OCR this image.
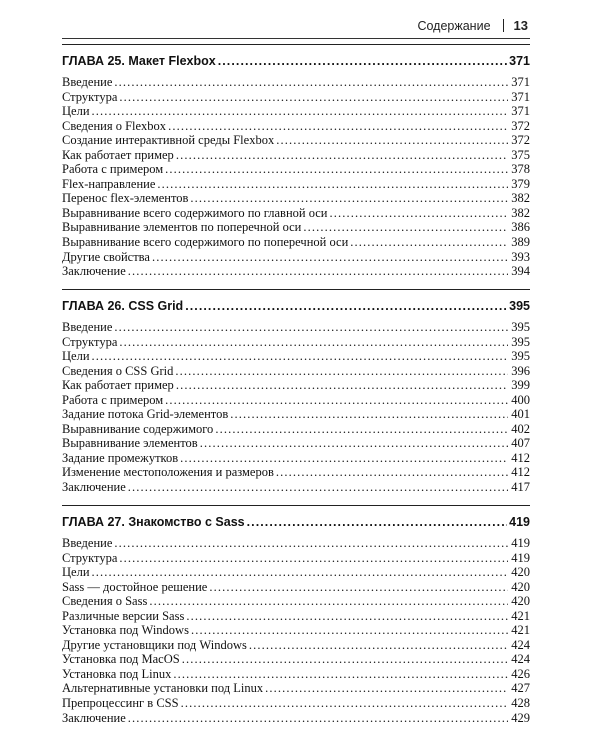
Содержание 13
ГЛАВА 25. Макет Flexbox . . .	371
Введение . . .	371
Структура . . .	371
Цели . . .	371
Сведения о Flexbox . . .	372
Создание интерактивной среды Flexbox . . .	372
Как работает пример . . .	375
Работа с примером . . .	378
Flex-направление . . .	379
Перенос flex-элементов . . .	382
Выравнивание всего содержимого по главной оси . . .	382
Выравнивание элементов по поперечной оси . . .	386
Выравнивание всего содержимого по поперечной оси . . .	389
Другие свойства . . .	393
Заключение . . .	394
ГЛАВА 26. CSS Grid . . .	395
Введение . . .	395
Структура . . .	395
Цели . . .	395
Сведения о CSS Grid . . .	396
Как работает пример . . .	399
Работа с примером . . .	400
Задание потока Grid-элементов . . .	401
Выравнивание содержимого . . .	402
Выравнивание элементов . . .	407
Задание промежутков . . .	412
Изменение местоположения и размеров . . .	412
Заключение . . .	417
ГЛАВА 27. Знакомство с Sass . . .	419
Введение . . .	419
Структура . . .	419
Цели . . .	420
Sass — достойное решение . . .	420
Сведения о Sass . . .	420
Различные версии Sass . . .	421
Установка под Windows . . .	421
Другие установщики под Windows . . .	424
Установка под MacOS . . .	424
Установка под Linux . . .	426
Альтернативные установки под Linux . . .	427
Препроцессинг в CSS . . .	428
Заключение . . .	429
